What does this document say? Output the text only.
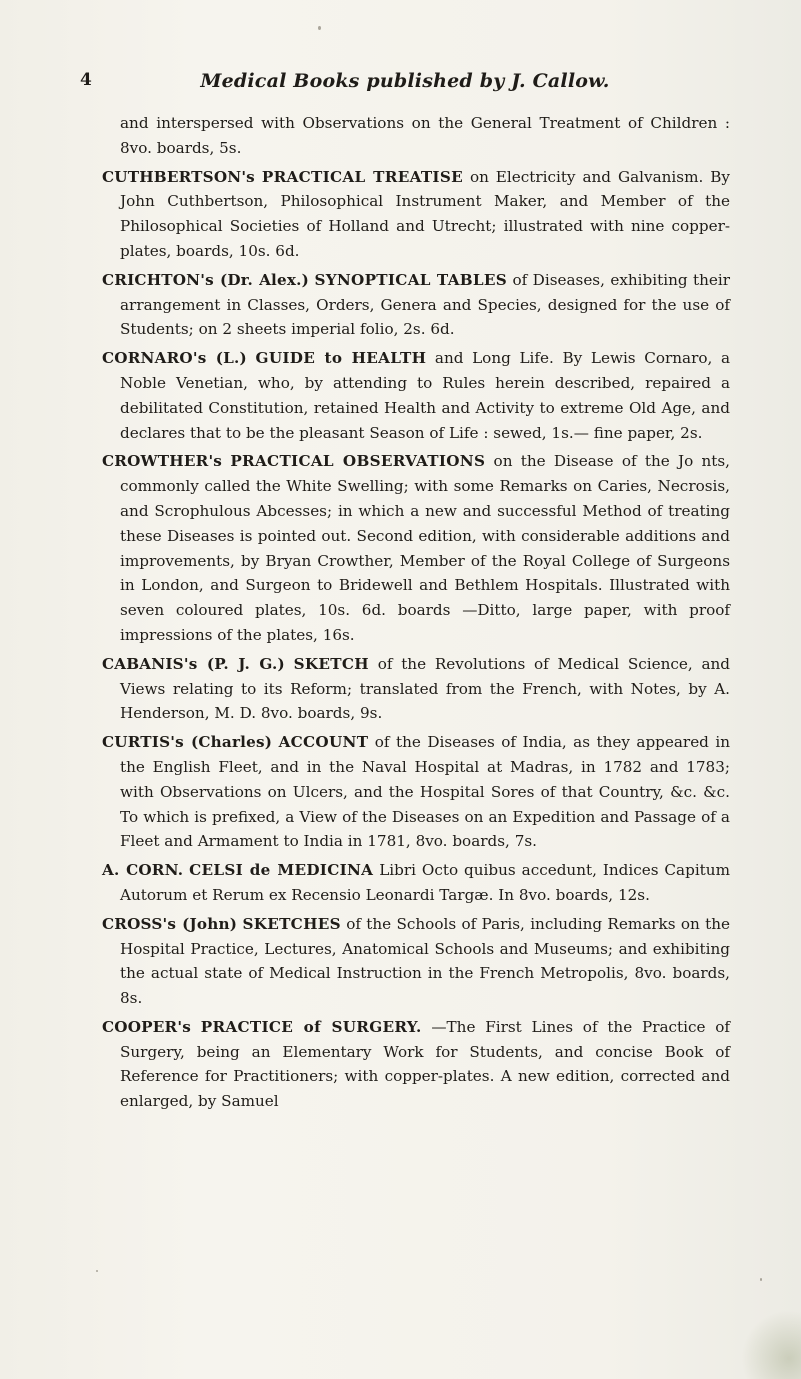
4	Medical Books published by J. Callow.

and interspersed with Observations on the General Treatment of Children : 8vo. boards, 5s.

CUTHBERTSON's PRACTICAL TREATISE on Electricity and Galvanism. By John Cuthbertson, Philosophical Instrument Maker, and Member of the Philosophical Societies of Holland and Utrecht; illustrated with nine copper-plates, boards, 10s. 6d.

CRICHTON's (Dr. Alex.) SYNOPTICAL TABLES of Diseases, exhibiting their arrangement in Classes, Orders, Genera and Species, designed for the use of Students; on 2 sheets imperial folio, 2s. 6d.

CORNARO's (L.) GUIDE to HEALTH and Long Life. By Lewis Cornaro, a Noble Venetian, who, by attending to Rules herein described, repaired a debilitated Constitution, retained Health and Activity to extreme Old Age, and declares that to be the pleasant Season of Life : sewed, 1s.— fine paper, 2s.

CROWTHER's PRACTICAL OBSERVATIONS on the Disease of the Jo nts, commonly called the White Swelling; with some Remarks on Caries, Necrosis, and Scrophulous Abcesses; in which a new and successful Method of treating these Diseases is pointed out. Second edition, with considerable additions and improvements, by Bryan Crowther, Member of the Royal College of Surgeons in London, and Surgeon to Bridewell and Bethlem Hospitals. Illustrated with seven coloured plates, 10s. 6d. boards —Ditto, large paper, with proof impressions of the plates, 16s.

CABANIS's (P. J. G.) SKETCH of the Revolutions of Medical Science, and Views relating to its Reform; translated from the French, with Notes, by A. Henderson, M. D. 8vo. boards, 9s.

CURTIS's (Charles) ACCOUNT of the Diseases of India, as they appeared in the English Fleet, and in the Naval Hospital at Madras, in 1782 and 1783; with Observations on Ulcers, and the Hospital Sores of that Country, &c. &c. To which is prefixed, a View of the Diseases on an Expedition and Passage of a Fleet and Armament to India in 1781, 8vo. boards, 7s.

A. CORN. CELSI de MEDICINA Libri Octo quibus accedunt, Indices Capitum Autorum et Rerum ex Recensio Leonardi Targæ. In 8vo. boards, 12s.

CROSS's (John) SKETCHES of the Schools of Paris, including Remarks on the Hospital Practice, Lectures, Anatomical Schools and Museums; and exhibiting the actual state of Medical Instruction in the French Metropolis, 8vo. boards, 8s.

COOPER's PRACTICE of SURGERY. —The First Lines of the Practice of Surgery, being an Elementary Work for Students, and concise Book of Reference for Practitioners; with copper-plates. A new edition, corrected and enlarged, by Samuel
